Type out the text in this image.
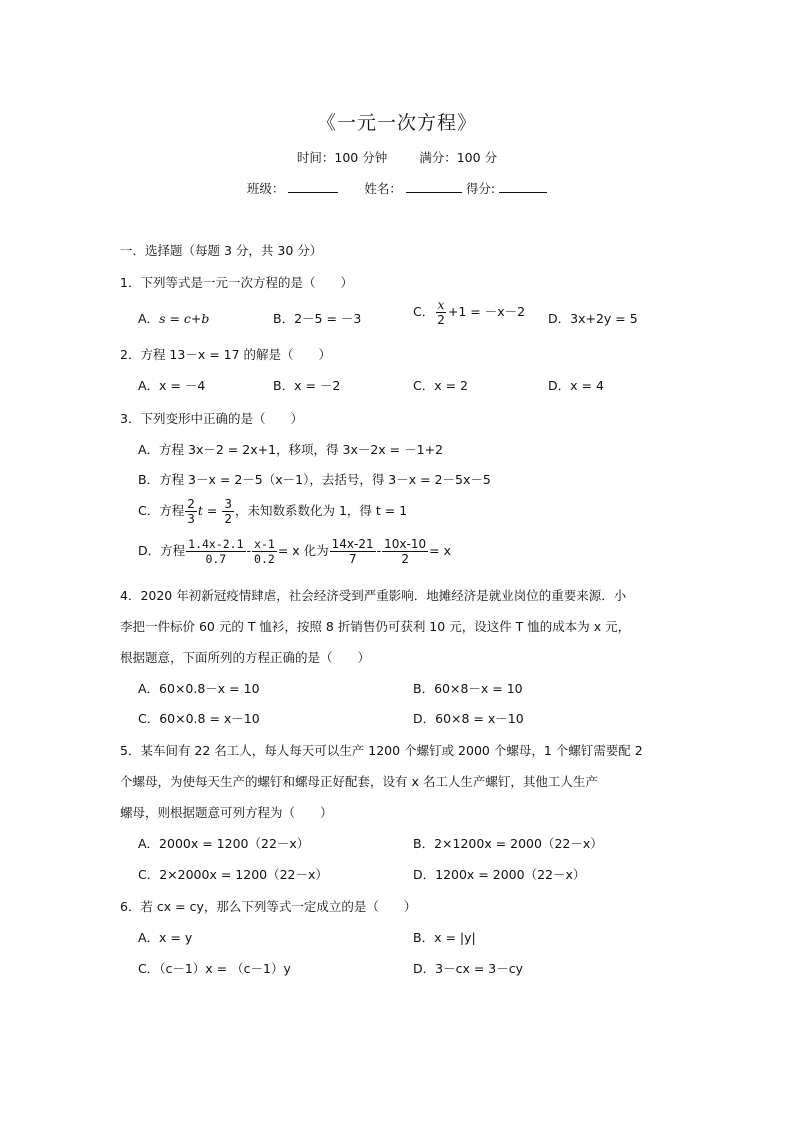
《一元一次方程》
时间：100 分钟	满分：100 分
班级：	姓名：	得分:
一．选择题（每题 3 分，共 30 分）
1．下列等式是一元一次方程的是（　　）
A．s = c+b	B．2－5 = －3	C． $\frac{x}{2} +1 = -x-2$ D．3x+2y = 5
2．方程 13－x = 17 的解是（　　）
A．x = －4	B．x = －2	C．x = 2	D．x = 4
3．下列变形中正确的是（　　）
A．方程 3x－2 = 2x+1，移项，得 3x－2x = －1+2
B．方程 3－x = 2－5（x－1），去括号，得 3－x = 2－5x－5
C．方程 $\frac{2}{3}$ $t = \frac{3}{2}$ ，未知数系数化为 1，得 t = 1
D．方程 $\frac{1.4x-2.1}{0.7} - \frac{x-1}{0.2} = x$ 化为 $\frac{14x-21}{7} - \frac{10x-10}{2} = x$
4．2020 年初新冠疫情肆虐，社会经济受到严重影响．地摊经济是就业岗位的重要来源．小
李把一件标价 60 元的 T 恤衫，按照 8 折销售仍可获利 10 元，设这件 T 恤的成本为 x 元，
根据题意，下面所列的方程正确的是（　　）
A．60×0.8－x = 10	B．60×8－x = 10
C．60×0.8 = x－10	D．60×8 = x－10
5．某车间有 22 名工人，每人每天可以生产 1200 个螺钉或 2000 个螺母，1 个螺钉需要配 2
个螺母，为使每天生产的螺钉和螺母正好配套，设有 x 名工人生产螺钉，其他工人生产
螺母，则根据题意可列方程为（　　）
A．2000x = 1200（22－x）	B．2×1200x = 2000（22－x）
C．2×2000x = 1200（22－x）	D．1200x = 2000（22－x）
6．若 cx = cy，那么下列等式一定成立的是（　　）
A．x = y	B．x = |y|
C．（c－1）x = （c－1）y	D．3－cx = 3－cy
